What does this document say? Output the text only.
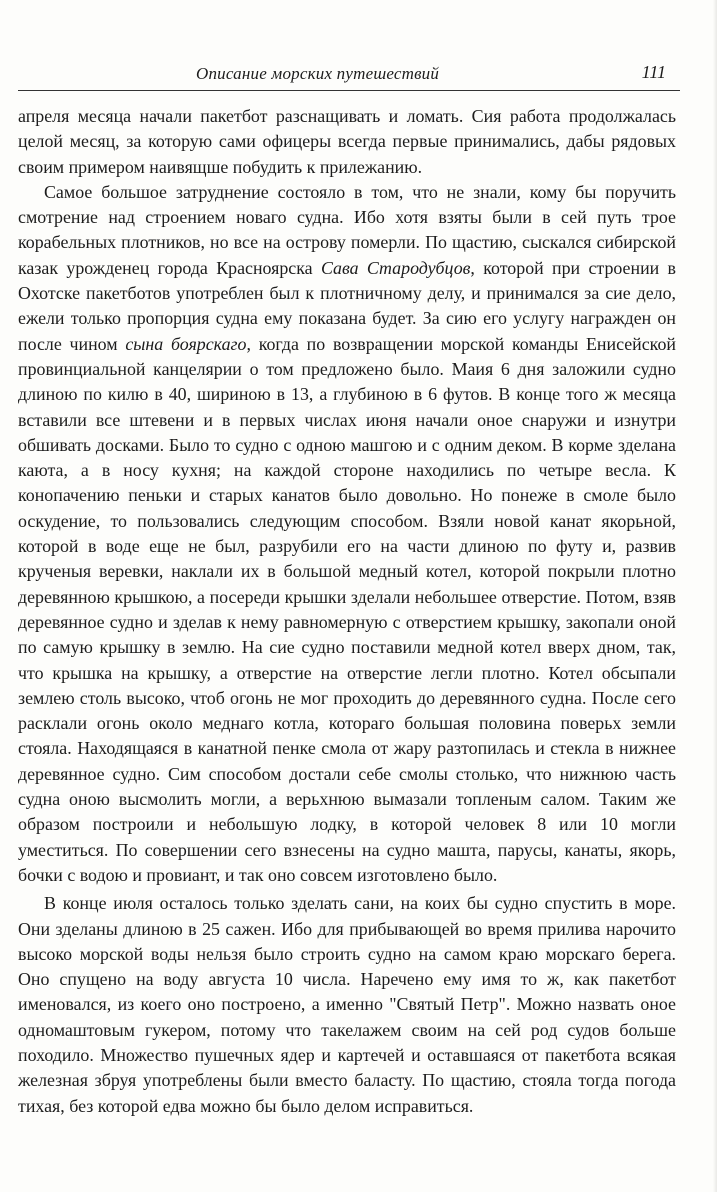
Описание морских путешествий	111

апреля месяца начали пакетбот разснащивать и ломать. Сия работа продолжалась целой месяц, за которую сами офицеры всегда первые принимались, дабы рядовых своим примером наивящше побудить к прилежанию.

Самое большое затруднение состояло в том, что не знали, кому бы поручить смотрение над строением новаго судна. Ибо хотя взяты были в сей путь трое корабельных плотников, но все на острову померли. По щастию, сыскался сибирской казак урожденец города Красноярска Сава Стародубцов, которой при строении в Охотске пакетботов употреблен был к плотничному делу, и принимался за сие дело, ежели только пропорция судна ему показана будет. За сию его услугу награжден он после чином сына боярскаго, когда по возвращении морской команды Енисейской провинциальной канцелярии о том предложено было. Маия 6 дня заложили судно длиною по килю в 40, шириною в 13, а глубиною в 6 футов. В конце того ж месяца вставили все штевени и в первых числах июня начали оное снаружи и изнутри обшивать досками. Было то судно с одною машгою и с одним деком. В корме зделана каюта, а в носу кухня; на каждой стороне находились по четыре весла. К конопачению пеньки и старых канатов было довольно. Но понеже в смоле было оскудение, то пользовались следующим способом. Взяли новой канат якорьной, которой в воде еще не был, разрубили его на части длиною по футу и, развив крученыя веревки, наклали их в большой медный котел, которой покрыли плотно деревянною крышкою, а посереди крышки зделали небольшее отверстие. Потом, взяв деревянное судно и зделав к нему равномерную с отверстием крышку, закопали оной по самую крышку в землю. На сие судно поставили медной котел вверх дном, так, что крышка на крышку, а отверстие на отверстие легли плотно. Котел обсыпали землею столь высоко, чтоб огонь не мог проходить до деревянного судна. После сего расклали огонь около меднаго котла, котораго большая половина поверьх земли стояла. Находящаяся в канатной пенке смола от жару разтопилась и стекла в нижнее деревянное судно. Сим способом достали себе смолы столько, что нижнюю часть судна оною высмолить могли, а верьхнюю вымазали топленым салом. Таким же образом построили и небольшую лодку, в которой человек 8 или 10 могли уместиться. По совершении сего взнесены на судно машта, парусы, канаты, якорь, бочки с водою и провиант, и так оно совсем изготовлено было.

В конце июля осталось только зделать сани, на коих бы судно спустить в море. Они зделаны длиною в 25 сажен. Ибо для прибывающей во время прилива нарочито высоко морской воды нельзя было строить судно на самом краю морскаго берега. Оно спущено на воду августа 10 числа. Наречено ему имя то ж, как пакетбот именовался, из коего оно построено, а именно "Святый Петр". Можно назвать оное одномаштовым гукером, потому что такелажем своим на сей род судов больше походило. Множество пушечных ядер и картечей и оставшаяся от пакетбота всякая железная збруя употреблены были вместо баласту. По щастию, стояла тогда погода тихая, без которой едва можно бы было делом исправиться.
